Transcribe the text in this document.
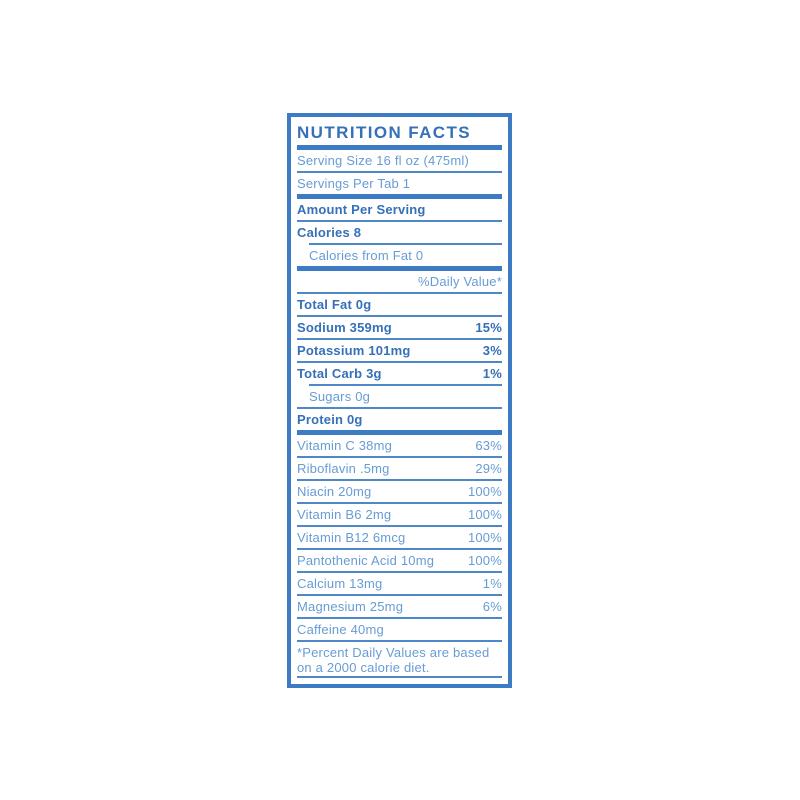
NUTRITION FACTS
Serving Size 16 fl oz (475ml)
Servings Per Tab 1
Amount Per Serving
Calories 8
Calories from Fat 0
%Daily Value*
Total Fat 0g
Sodium 359mg	15%
Potassium 101mg	3%
Total Carb 3g	1%
Sugars 0g
Protein 0g
Vitamin C 38mg	63%
Riboflavin .5mg	29%
Niacin 20mg	100%
Vitamin B6 2mg	100%
Vitamin B12 6mcg	100%
Pantothenic Acid 10mg	100%
Calcium 13mg	1%
Magnesium 25mg	6%
Caffeine 40mg
*Percent Daily Values are based on a 2000 calorie diet.
